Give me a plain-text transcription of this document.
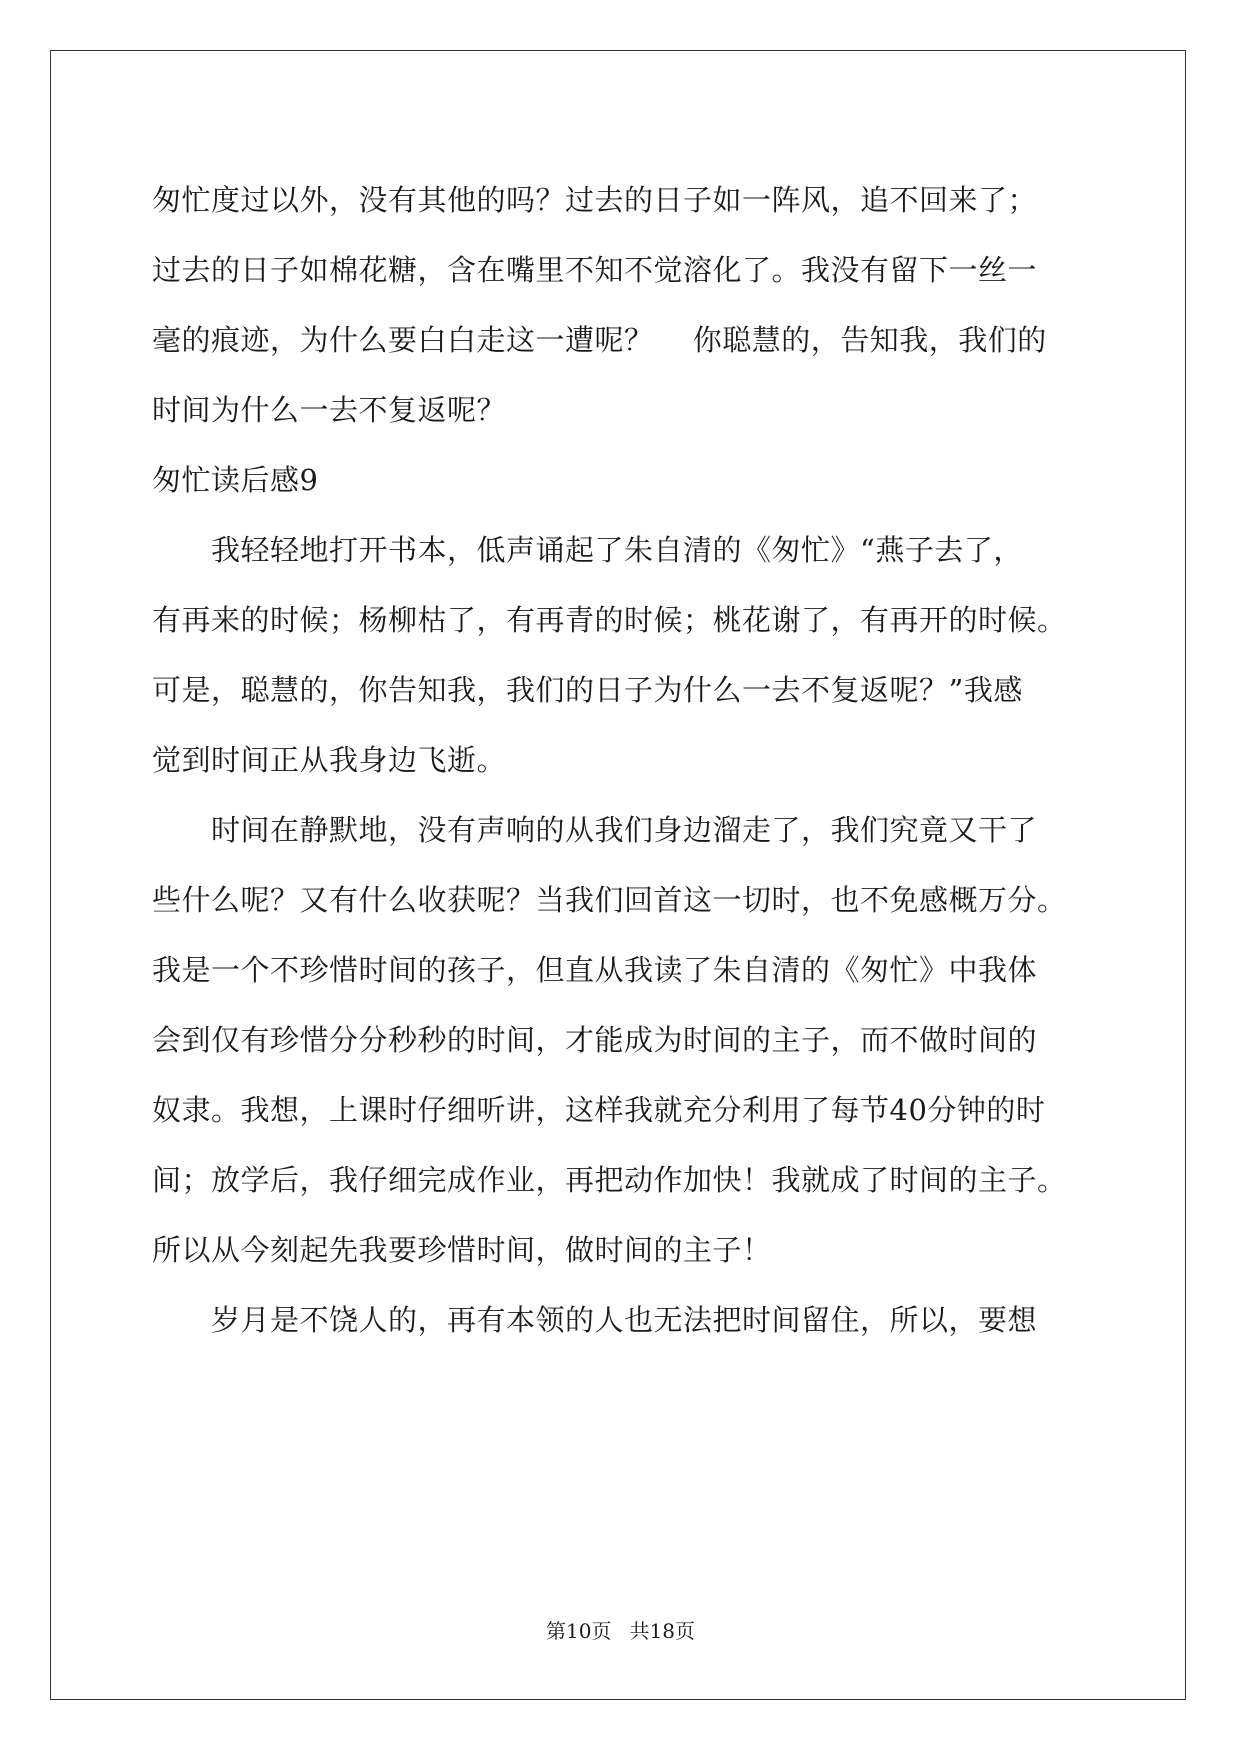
匆忙度过以外，没有其他的吗？过去的日子如一阵风，追不回来了；
过去的日子如棉花糖，含在嘴里不知不觉溶化了。我没有留下一丝一
毫的痕迹，为什么要白白走这一遭呢？　 你聪慧的，告知我，我们的
时间为什么一去不复返呢？
匆忙读后感9
　　我轻轻地打开书本，低声诵起了朱自清的《匆忙》“燕子去了，
有再来的时候；杨柳枯了，有再青的时候；桃花谢了，有再开的时候。
可是，聪慧的，你告知我，我们的日子为什么一去不复返呢？”我感
觉到时间正从我身边飞逝。
　　时间在静默地，没有声响的从我们身边溜走了，我们究竟又干了
些什么呢？又有什么收获呢？当我们回首这一切时，也不免感概万分。
我是一个不珍惜时间的孩子，但直从我读了朱自清的《匆忙》中我体
会到仅有珍惜分分秒秒的时间，才能成为时间的主子，而不做时间的
奴隶。我想，上课时仔细听讲，这样我就充分利用了每节40分钟的时
间；放学后，我仔细完成作业，再把动作加快！我就成了时间的主子。
所以从今刻起先我要珍惜时间，做时间的主子！
　　岁月是不饶人的，再有本领的人也无法把时间留住，所以，要想
第10页 共18页
